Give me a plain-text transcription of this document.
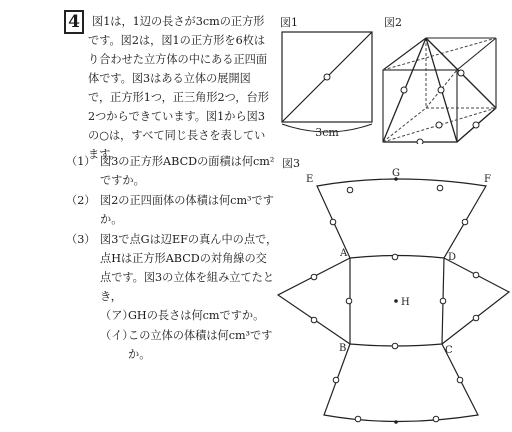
4	図1は，1辺の長さが3cmの正方形です。図2は，図1の正方形を6枚はり合わせた立方体の中にある正四面体です。図3はある立体の展開図で，正方形1つ，正三角形2つ，台形2つからできています。図1から図3の○は，すべて同じ長さを表しています。

（1） 図3の正方形ABCDの面積は何cm²ですか。
（2） 図2の正四面体の体積は何cm³ですか。
（3） 図3で点Gは辺EFの真ん中の点で，点Hは正方形ABCDの対角線の交点です。図3の立体を組み立てたとき，
（ア）
GHの長さは何cmですか。
（イ）
この立体の体積は何cm³ですか。
図1	図2
図3
3cm
A	D
B	C
E	F
G
H
